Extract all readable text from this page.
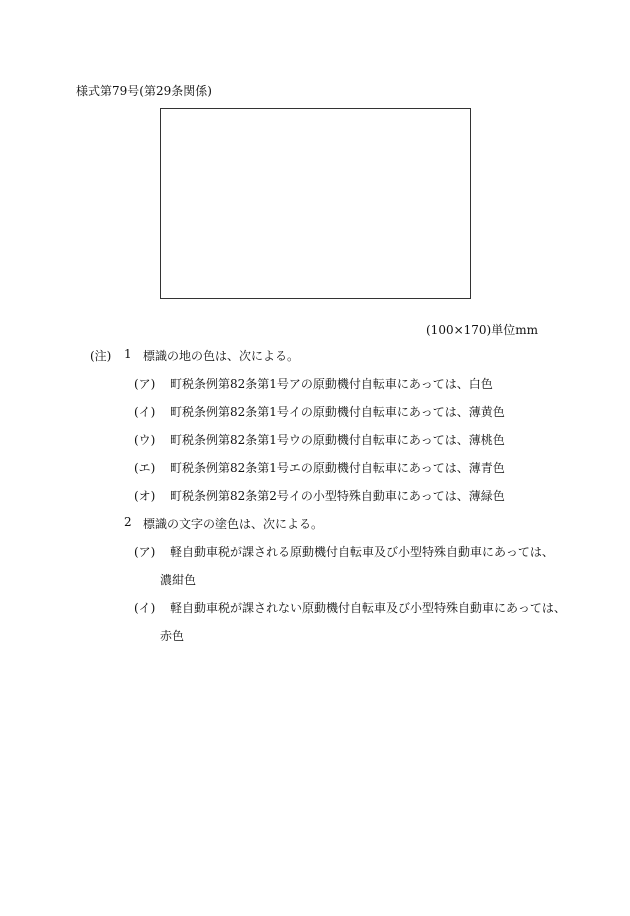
様式第79号(第29条関係)
(100×170)単位mm
(注) 1 標識の地の色は、次による。
(ア) 町税条例第82条第1号アの原動機付自転車にあっては、白色
(イ) 町税条例第82条第1号イの原動機付自転車にあっては、薄黄色
(ウ) 町税条例第82条第1号ウの原動機付自転車にあっては、薄桃色
(エ) 町税条例第82条第1号エの原動機付自転車にあっては、薄青色
(オ) 町税条例第82条第2号イの小型特殊自動車にあっては、薄緑色
2 標識の文字の塗色は、次による。
(ア) 軽自動車税が課される原動機付自転車及び小型特殊自動車にあっては、
濃紺色
(イ) 軽自動車税が課されない原動機付自転車及び小型特殊自動車にあっては、
赤色
